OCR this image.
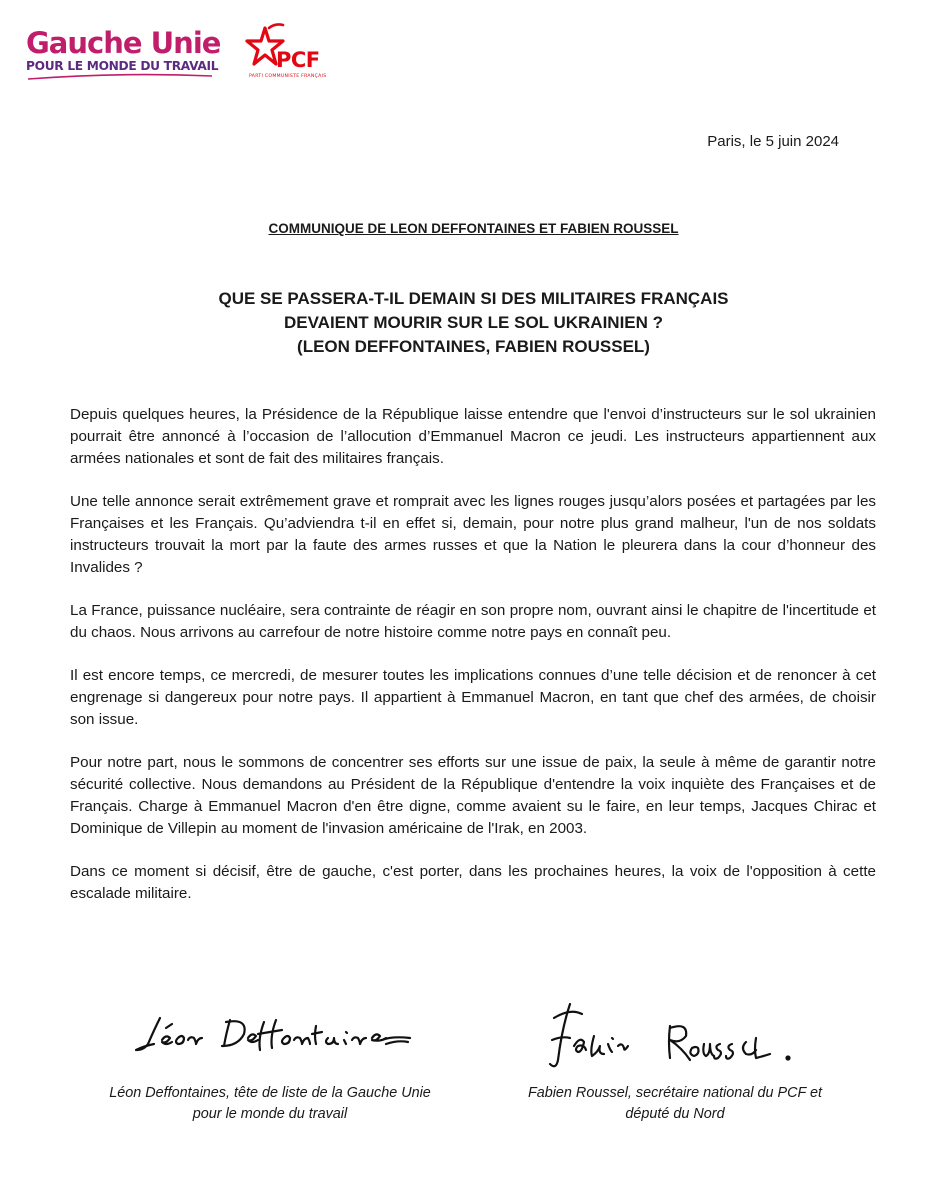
Gauche Unie
POUR LE MONDE DU TRAVAIL	PCF
PARTI COMMUNISTE FRANÇAIS
Paris, le 5 juin 2024
COMMUNIQUE DE LEON DEFFONTAINES ET FABIEN ROUSSEL
QUE SE PASSERA-T-IL DEMAIN SI DES MILITAIRES FRANÇAIS
DEVAIENT MOURIR SUR LE SOL UKRAINIEN ?
(LEON DEFFONTAINES, FABIEN ROUSSEL)

Depuis quelques heures, la Présidence de la République laisse entendre que l'envoi d’instructeurs sur le sol ukrainien pourrait être annoncé à l’occasion de l’allocution d’Emmanuel Macron ce jeudi. Les instructeurs appartiennent aux armées nationales et sont de fait des militaires français.

Une telle annonce serait extrêmement grave et romprait avec les lignes rouges jusqu’alors posées et partagées par les Françaises et les Français. Qu’adviendra t-il en effet si, demain, pour notre plus grand malheur, l'un de nos soldats instructeurs trouvait la mort par la faute des armes russes et que la Nation le pleurera dans la cour d’honneur des Invalides ?

La France, puissance nucléaire, sera contrainte de réagir en son propre nom, ouvrant ainsi le chapitre de l'incertitude et du chaos. Nous arrivons au carrefour de notre histoire comme notre pays en connaît peu.

Il est encore temps, ce mercredi, de mesurer toutes les implications connues d’une telle décision et de renoncer à cet engrenage si dangereux pour notre pays. Il appartient à Emmanuel Macron, en tant que chef des armées, de choisir son issue.

Pour notre part, nous le sommons de concentrer ses efforts sur une issue de paix, la seule à même de garantir notre sécurité collective. Nous demandons au Président de la République d'entendre la voix inquiète des Françaises et de Français. Charge à Emmanuel Macron d'en être digne, comme avaient su le faire, en leur temps, Jacques Chirac et Dominique de Villepin au moment de l'invasion américaine de l'Irak, en 2003.

Dans ce moment si décisif, être de gauche, c'est porter, dans les prochaines heures, la voix de l'opposition à cette escalade militaire.

Léon Deffontaines, tête de liste de la Gauche Unie
pour le monde du travail
Fabien Roussel, secrétaire national du PCF et
député du Nord
